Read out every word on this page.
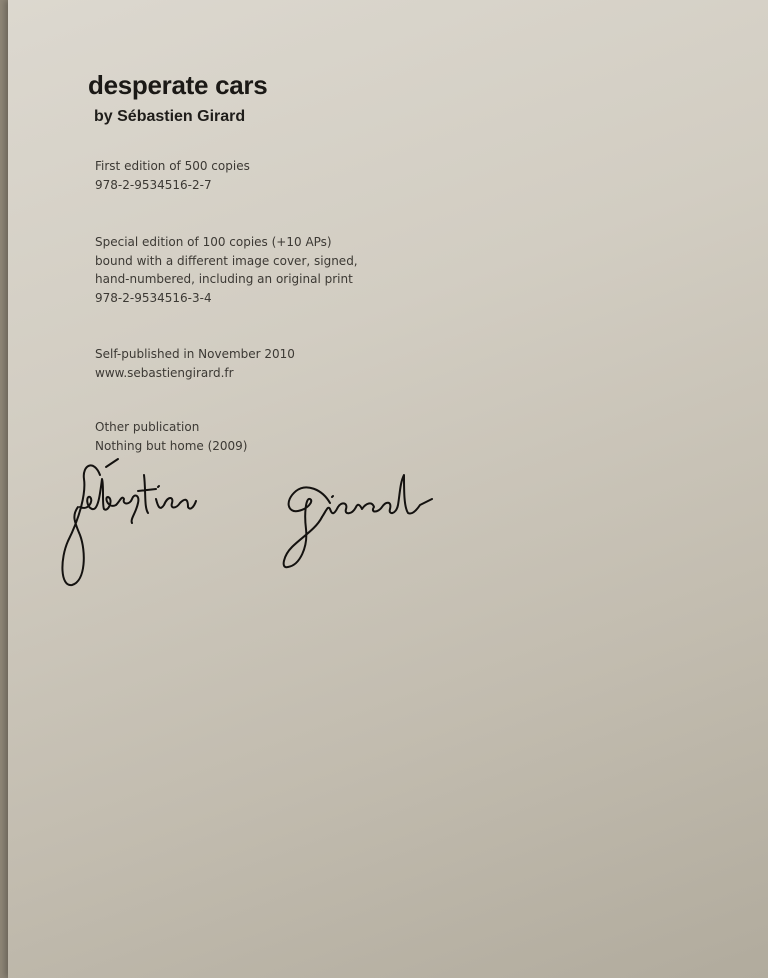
desperate cars
by Sébastien Girard
First edition of 500 copies
978-2-9534516-2-7
Special edition of 100 copies (+10 APs)
bound with a different image cover, signed,
hand-numbered, including an original print
978-2-9534516-3-4
Self-published in November 2010
www.sebastiengirard.fr
Other publication
Nothing but home (2009)
